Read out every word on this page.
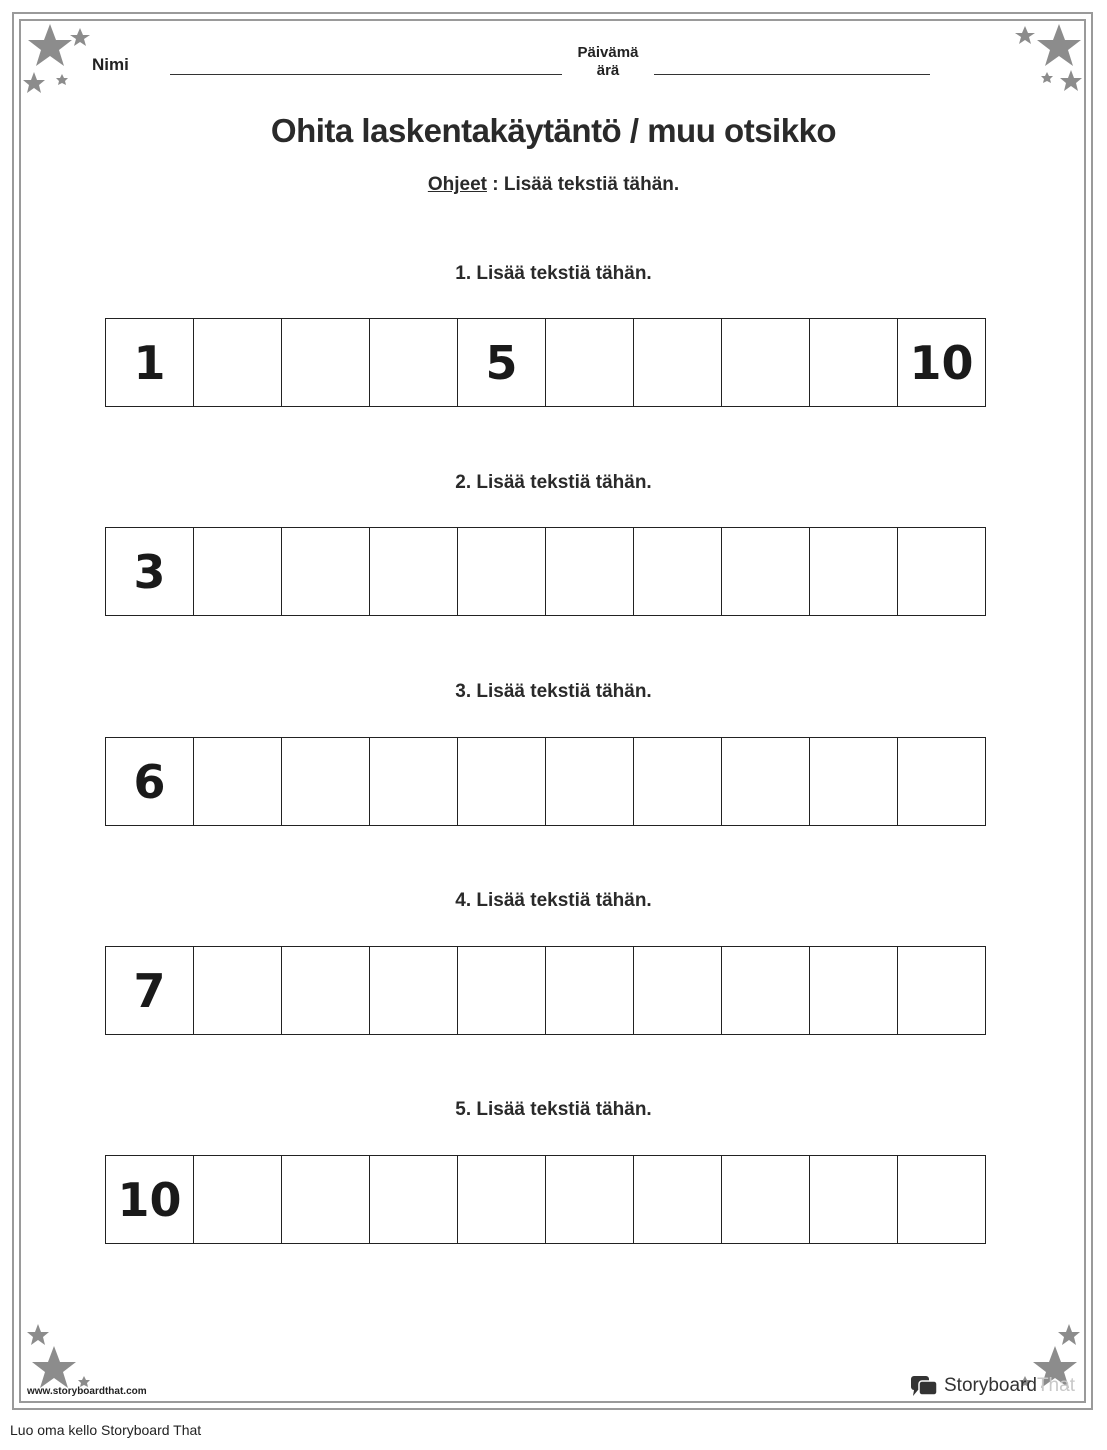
Nimi
Päivämä
ärä
Ohita laskentakäytäntö / muu otsikko
Ohjeet : Lisää tekstiä tähän.
1. Lisää tekstiä tähän.
1	5	10
2. Lisää tekstiä tähän.
3
3. Lisää tekstiä tähän.
6
4. Lisää tekstiä tähän.
7
5. Lisää tekstiä tähän.
10
www.storyboardthat.com	StoryboardThat
Luo oma kello Storyboard That
